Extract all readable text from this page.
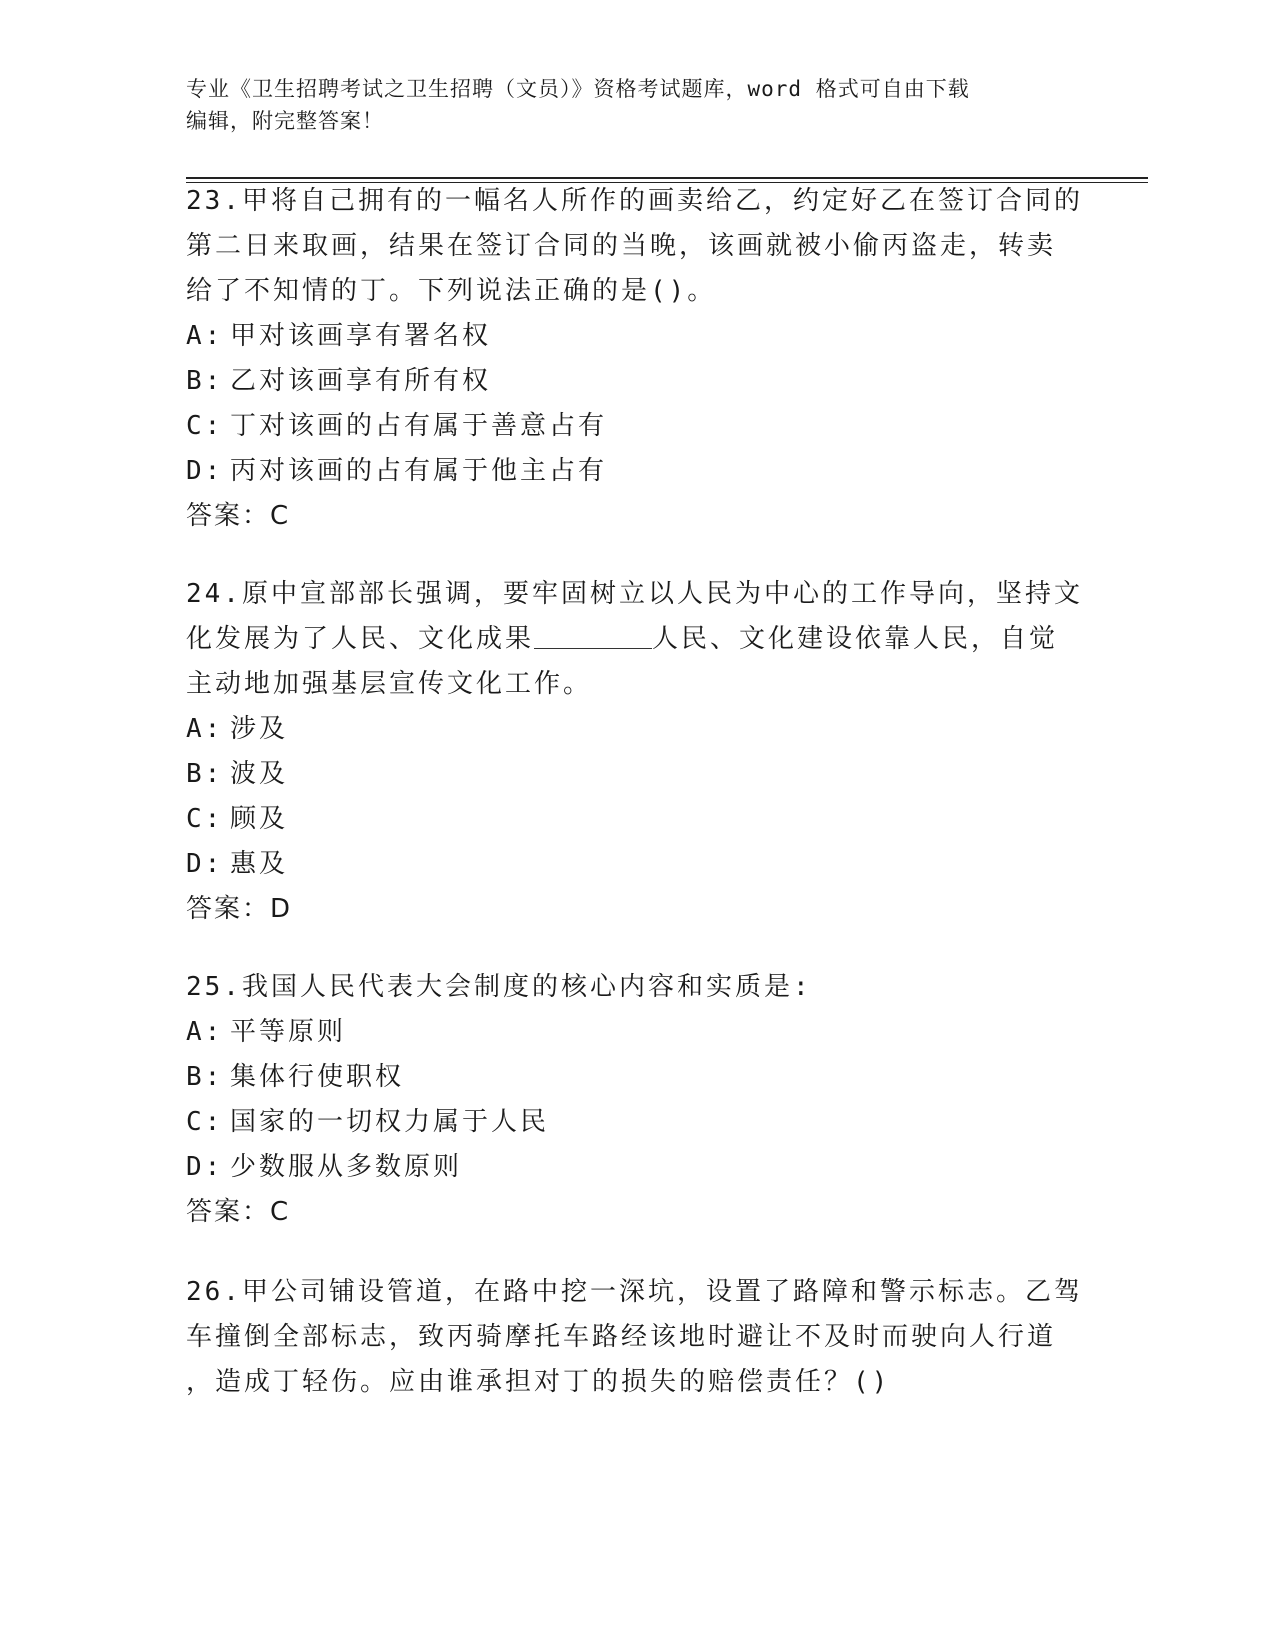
专业《卫生招聘考试之卫生招聘（文员）》资格考试题库，word 格式可自由下载
编辑，附完整答案！

23.甲将自己拥有的一幅名人所作的画卖给乙，约定好乙在签订合同的
第二日来取画，结果在签订合同的当晚，该画就被小偷丙盗走，转卖
给了不知情的丁。下列说法正确的是()。

A: 甲对该画享有署名权

B: 乙对该画享有所有权

C: 丁对该画的占有属于善意占有

D: 丙对该画的占有属于他主占有

答案：C

24.原中宣部部长强调，要牢固树立以人民为中心的工作导向，坚持文
化发展为了人民、文化成果	人民、文化建设依靠人民，自觉
主动地加强基层宣传文化工作。

A: 涉及

B: 波及

C: 顾及

D: 惠及

答案：D

25.我国人民代表大会制度的核心内容和实质是:

A: 平等原则

B: 集体行使职权

C: 国家的一切权力属于人民

D: 少数服从多数原则

答案：C

26.甲公司铺设管道，在路中挖一深坑，设置了路障和警示标志。乙驾
车撞倒全部标志，致丙骑摩托车路经该地时避让不及时而驶向人行道
，造成丁轻伤。应由谁承担对丁的损失的赔偿责任？()
